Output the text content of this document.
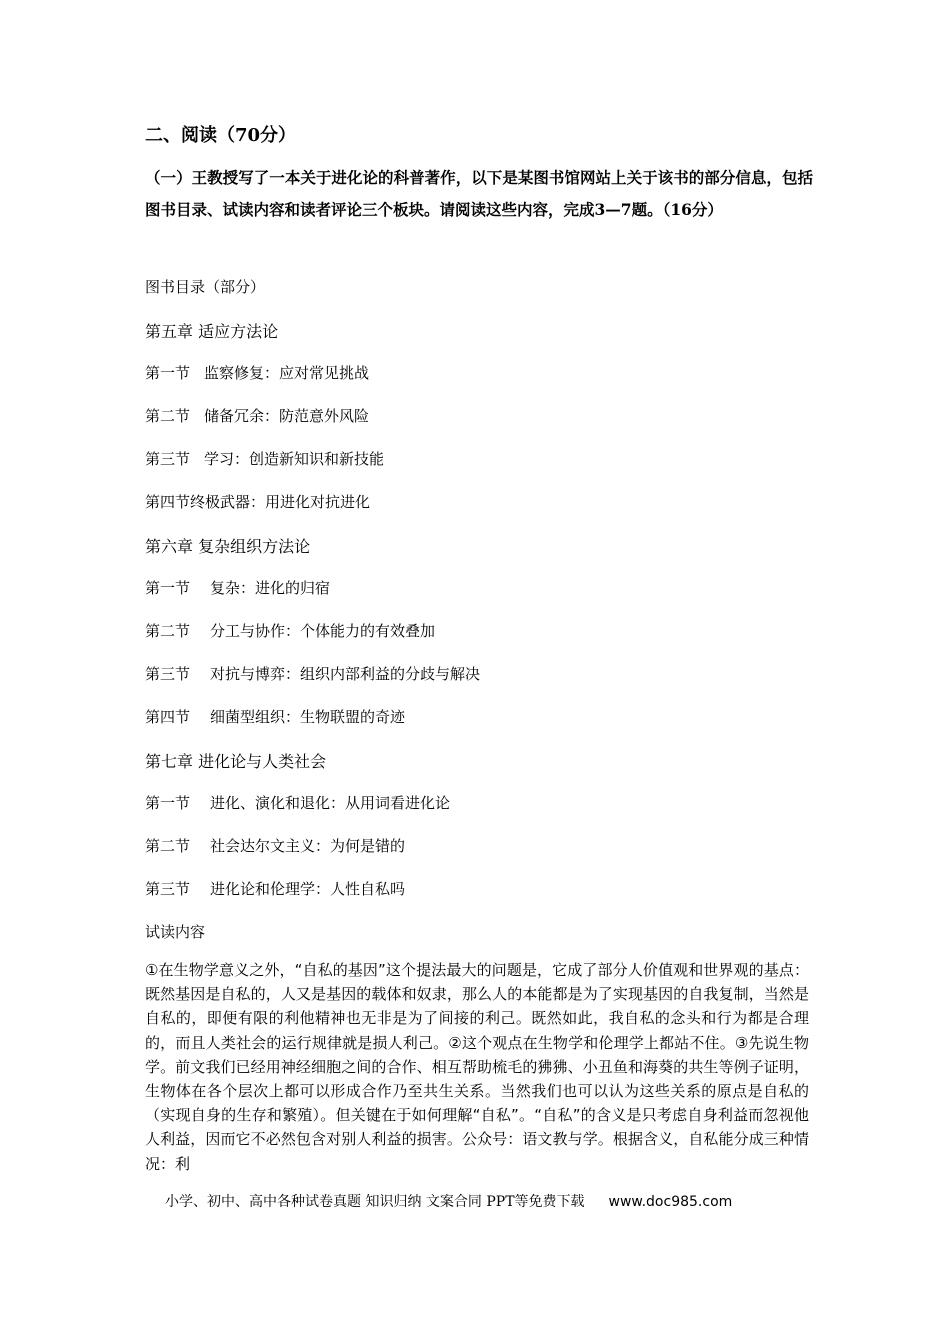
二、阅读（70分）
（一）王教授写了一本关于进化论的科普著作，以下是某图书馆网站上关于该书的部分信息，包括图书目录、试读内容和读者评论三个板块。请阅读这些内容，完成3—7题。（16分）
图书目录（部分）
第五章 适应方法论
第一节 监察修复：应对常见挑战
第二节 储备冗余：防范意外风险
第三节 学习：创造新知识和新技能
第四节终极武器：用进化对抗进化
第六章 复杂组织方法论
第一节 复杂：进化的归宿
第二节 分工与协作：个体能力的有效叠加
第三节 对抗与博弈：组织内部利益的分歧与解决
第四节 细菌型组织：生物联盟的奇迹
第七章 进化论与人类社会
第一节 进化、演化和退化：从用词看进化论
第二节 社会达尔文主义：为何是错的
第三节 进化论和伦理学：人性自私吗
试读内容
①在生物学意义之外，“自私的基因”这个提法最大的问题是，它成了部分人价值观和世界观的基点：既然基因是自私的，人又是基因的载体和奴隶，那么人的本能都是为了实现基因的自我复制，当然是自私的，即便有限的利他精神也无非是为了间接的利己。既然如此，我自私的念头和行为都是合理的，而且人类社会的运行规律就是损人利己。②这个观点在生物学和伦理学上都站不住。③先说生物学。前文我们已经用神经细胞之间的合作、相互帮助梳毛的狒狒、小丑鱼和海葵的共生等例子证明，生物体在各个层次上都可以形成合作乃至共生关系。当然我们也可以认为这些关系的原点是自私的（实现自身的生存和繁殖）。但关键在于如何理解“自私”。“自私”的含义是只考虑自身利益而忽视他人利益，因而它不必然包含对别人利益的损害。公众号：语文教与学。根据含义，自私能分成三种情况：利
小学、初中、高中各种试卷真题 知识归纳 文案合同 PPT等免费下载 www.doc985.com
